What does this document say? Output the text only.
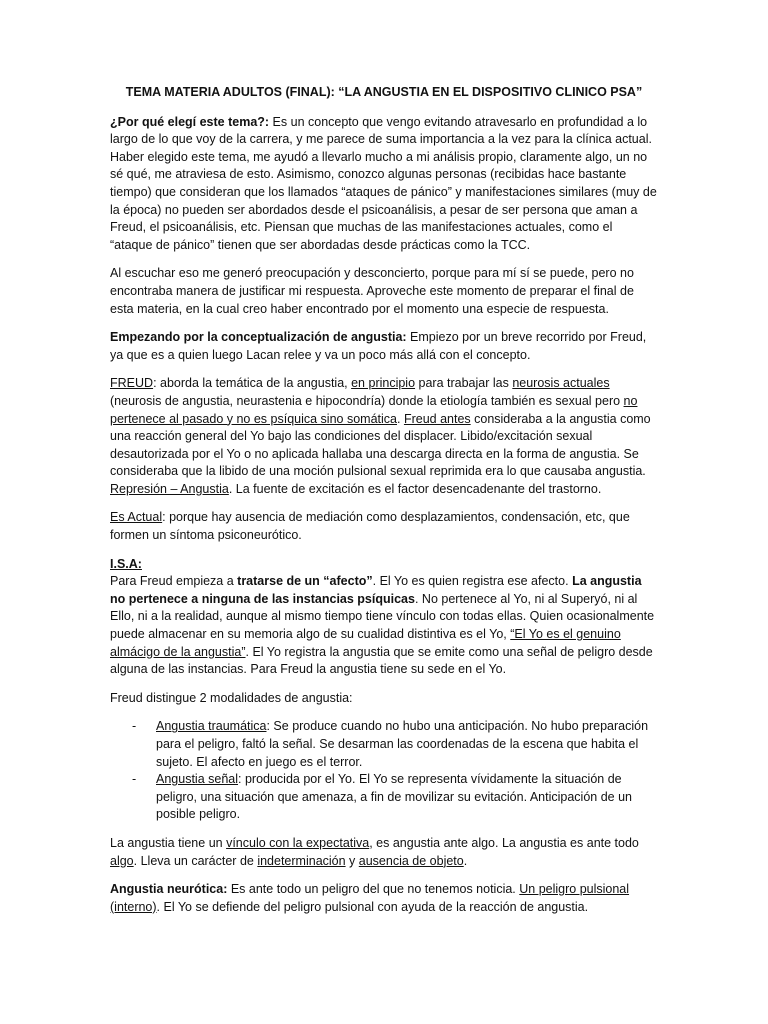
TEMA MATERIA ADULTOS (FINAL): “LA ANGUSTIA EN EL DISPOSITIVO CLINICO PSA”

¿Por qué elegí este tema?: Es un concepto que vengo evitando atravesarlo en profundidad a lo largo de lo que voy de la carrera, y me parece de suma importancia a la vez para la clínica actual. Haber elegido este tema, me ayudó a llevarlo mucho a mi análisis propio, claramente algo, un no sé qué, me atraviesa de esto. Asimismo, conozco algunas personas (recibidas hace bastante tiempo) que consideran que los llamados “ataques de pánico” y manifestaciones similares (muy de la época) no pueden ser abordados desde el psicoanálisis, a pesar de ser persona que aman a Freud, el psicoanálisis, etc. Piensan que muchas de las manifestaciones actuales, como el “ataque de pánico” tienen que ser abordadas desde prácticas como la TCC.

Al escuchar eso me generó preocupación y desconcierto, porque para mí sí se puede, pero no encontraba manera de justificar mi respuesta. Aproveche este momento de preparar el final de esta materia, en la cual creo haber encontrado por el momento una especie de respuesta.

Empezando por la conceptualización de angustia: Empiezo por un breve recorrido por Freud, ya que es a quien luego Lacan relee y va un poco más allá con el concepto.

FREUD: aborda la temática de la angustia, en principio para trabajar las neurosis actuales (neurosis de angustia, neurastenia e hipocondría) donde la etiología también es sexual pero no pertenece al pasado y no es psíquica sino somática. Freud antes consideraba a la angustia como una reacción general del Yo bajo las condiciones del displacer. Libido/excitación sexual desautorizada por el Yo o no aplicada hallaba una descarga directa en la forma de angustia. Se consideraba que la libido de una moción pulsional sexual reprimida era lo que causaba angustia. Represión – Angustia. La fuente de excitación es el factor desencadenante del trastorno.

Es Actual: porque hay ausencia de mediación como desplazamientos, condensación, etc, que formen un síntoma psiconeurótico.

I.S.A:
Para Freud empieza a tratarse de un “afecto”. El Yo es quien registra ese afecto. La angustia no pertenece a ninguna de las instancias psíquicas. No pertenece al Yo, ni al Superyó, ni al Ello, ni a la realidad, aunque al mismo tiempo tiene vínculo con todas ellas. Quien ocasionalmente puede almacenar en su memoria algo de su cualidad distintiva es el Yo, “El Yo es el genuino almácigo de la angustia”. El Yo registra la angustia que se emite como una señal de peligro desde alguna de las instancias. Para Freud la angustia tiene su sede en el Yo.

Freud distingue 2 modalidades de angustia:

- Angustia traumática: Se produce cuando no hubo una anticipación. No hubo preparación para el peligro, faltó la señal. Se desarman las coordenadas de la escena que habita el sujeto. El afecto en juego es el terror.
- Angustia señal: producida por el Yo. El Yo se representa vívidamente la situación de peligro, una situación que amenaza, a fin de movilizar su evitación. Anticipación de un posible peligro.

La angustia tiene un vínculo con la expectativa, es angustia ante algo. La angustia es ante todo algo. Lleva un carácter de indeterminación y ausencia de objeto.

Angustia neurótica: Es ante todo un peligro del que no tenemos noticia. Un peligro pulsional (interno). El Yo se defiende del peligro pulsional con ayuda de la reacción de angustia.
